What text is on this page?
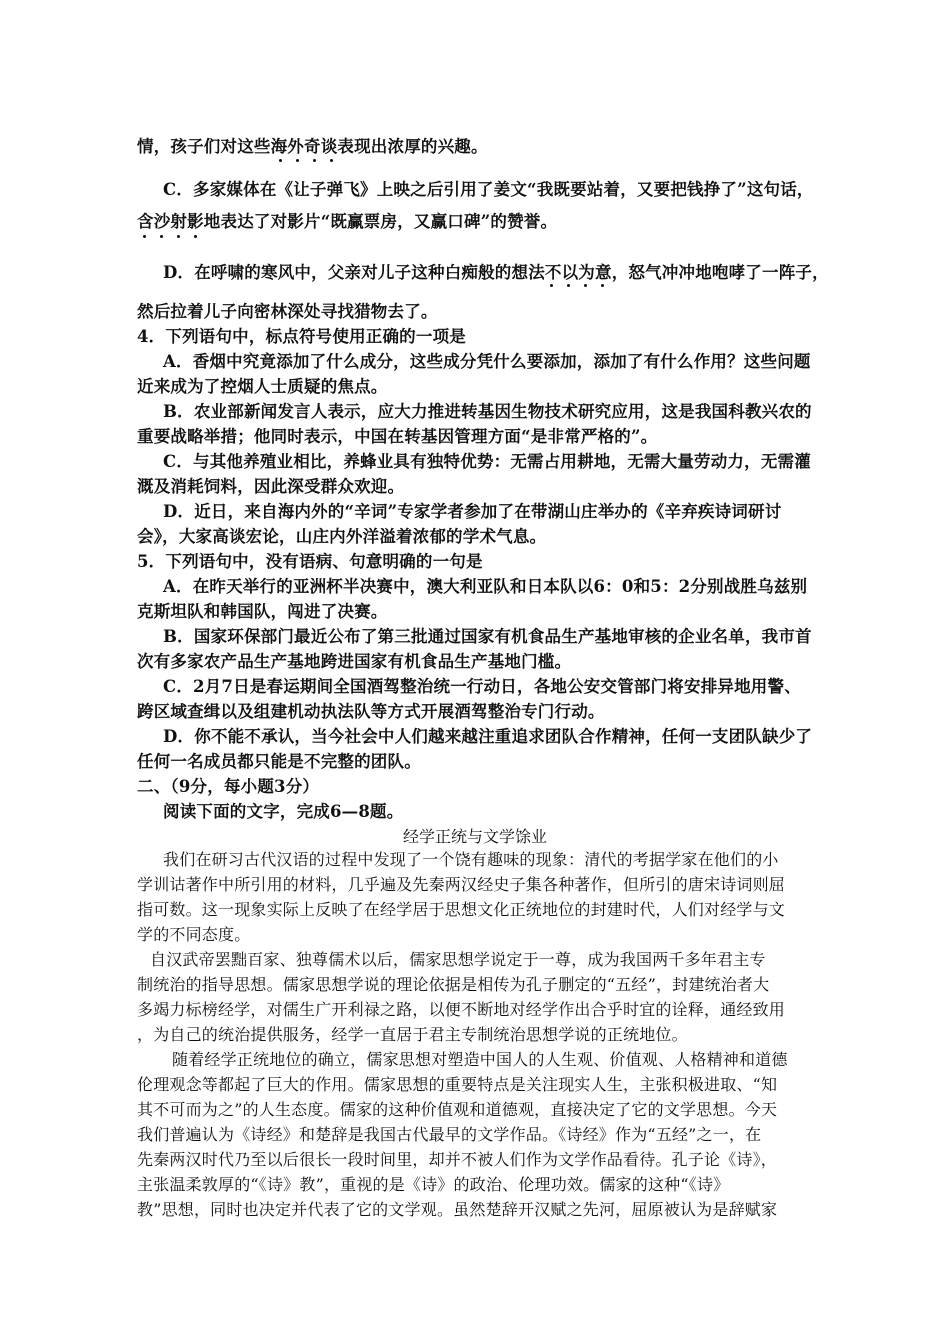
情，孩子们对这些海外奇谈表现出浓厚的兴趣。
C．多家媒体在《让子弹飞》上映之后引用了姜文“我既要站着，又要把钱挣了”这句话，
含沙射影地表达了对影片“既赢票房，又赢口碑”的赞誉。
D．在呼啸的寒风中，父亲对儿子这种白痴般的想法不以为意，怒气冲冲地咆哮了一阵子，
然后拉着儿子向密林深处寻找猎物去了。
4．下列语句中，标点符号使用正确的一项是
A．香烟中究竟添加了什么成分，这些成分凭什么要添加，添加了有什么作用？这些问题
近来成为了控烟人士质疑的焦点。
B．农业部新闻发言人表示，应大力推进转基因生物技术研究应用，这是我国科教兴农的
重要战略举措；他同时表示，中国在转基因管理方面“是非常严格的”。
C．与其他养殖业相比，养蜂业具有独特优势：无需占用耕地，无需大量劳动力，无需灌
溉及消耗饲料，因此深受群众欢迎。
D．近日，来自海内外的“辛词”专家学者参加了在带湖山庄举办的《辛弃疾诗词研讨
会》，大家高谈宏论，山庄内外洋溢着浓郁的学术气息。
5．下列语句中，没有语病、句意明确的一句是
A．在昨天举行的亚洲杯半决赛中，澳大利亚队和日本队以6：0和5：2分别战胜乌兹别
克斯坦队和韩国队，闯进了决赛。
B．国家环保部门最近公布了第三批通过国家有机食品生产基地审核的企业名单，我市首
次有多家农产品生产基地跨进国家有机食品生产基地门槛。
C．2月7日是春运期间全国酒驾整治统一行动日，各地公安交管部门将安排异地用警、
跨区域查缉以及组建机动执法队等方式开展酒驾整治专门行动。
D．你不能不承认，当今社会中人们越来越注重追求团队合作精神，任何一支团队缺少了
任何一名成员都只能是不完整的团队。
二、（9分，每小题3分）
阅读下面的文字，完成6—8题。
经学正统与文学馀业
我们在研习古代汉语的过程中发现了一个饶有趣味的现象：清代的考据学家在他们的小
学训诂著作中所引用的材料，几乎遍及先秦两汉经史子集各种著作，但所引的唐宋诗词则屈
指可数。这一现象实际上反映了在经学居于思想文化正统地位的封建时代，人们对经学与文
学的不同态度。
自汉武帝罢黜百家、独尊儒术以后，儒家思想学说定于一尊，成为我国两千多年君主专
制统治的指导思想。儒家思想学说的理论依据是相传为孔子删定的“五经”，封建统治者大
多竭力标榜经学，对儒生广开利禄之路，以便不断地对经学作出合乎时宜的诠释，通经致用
，为自己的统治提供服务，经学一直居于君主专制统治思想学说的正统地位。
随着经学正统地位的确立，儒家思想对塑造中国人的人生观、价值观、人格精神和道德
伦理观念等都起了巨大的作用。儒家思想的重要特点是关注现实人生，主张积极进取、“知
其不可而为之”的人生态度。儒家的这种价值观和道德观，直接决定了它的文学思想。今天
我们普遍认为《诗经》和楚辞是我国古代最早的文学作品。《诗经》作为“五经”之一，在
先秦两汉时代乃至以后很长一段时间里，却并不被人们作为文学作品看待。孔子论《诗》，
主张温柔敦厚的“《诗》教”，重视的是《诗》的政治、伦理功效。儒家的这种“《诗》
教”思想，同时也决定并代表了它的文学观。虽然楚辞开汉赋之先河，屈原被认为是辞赋家
